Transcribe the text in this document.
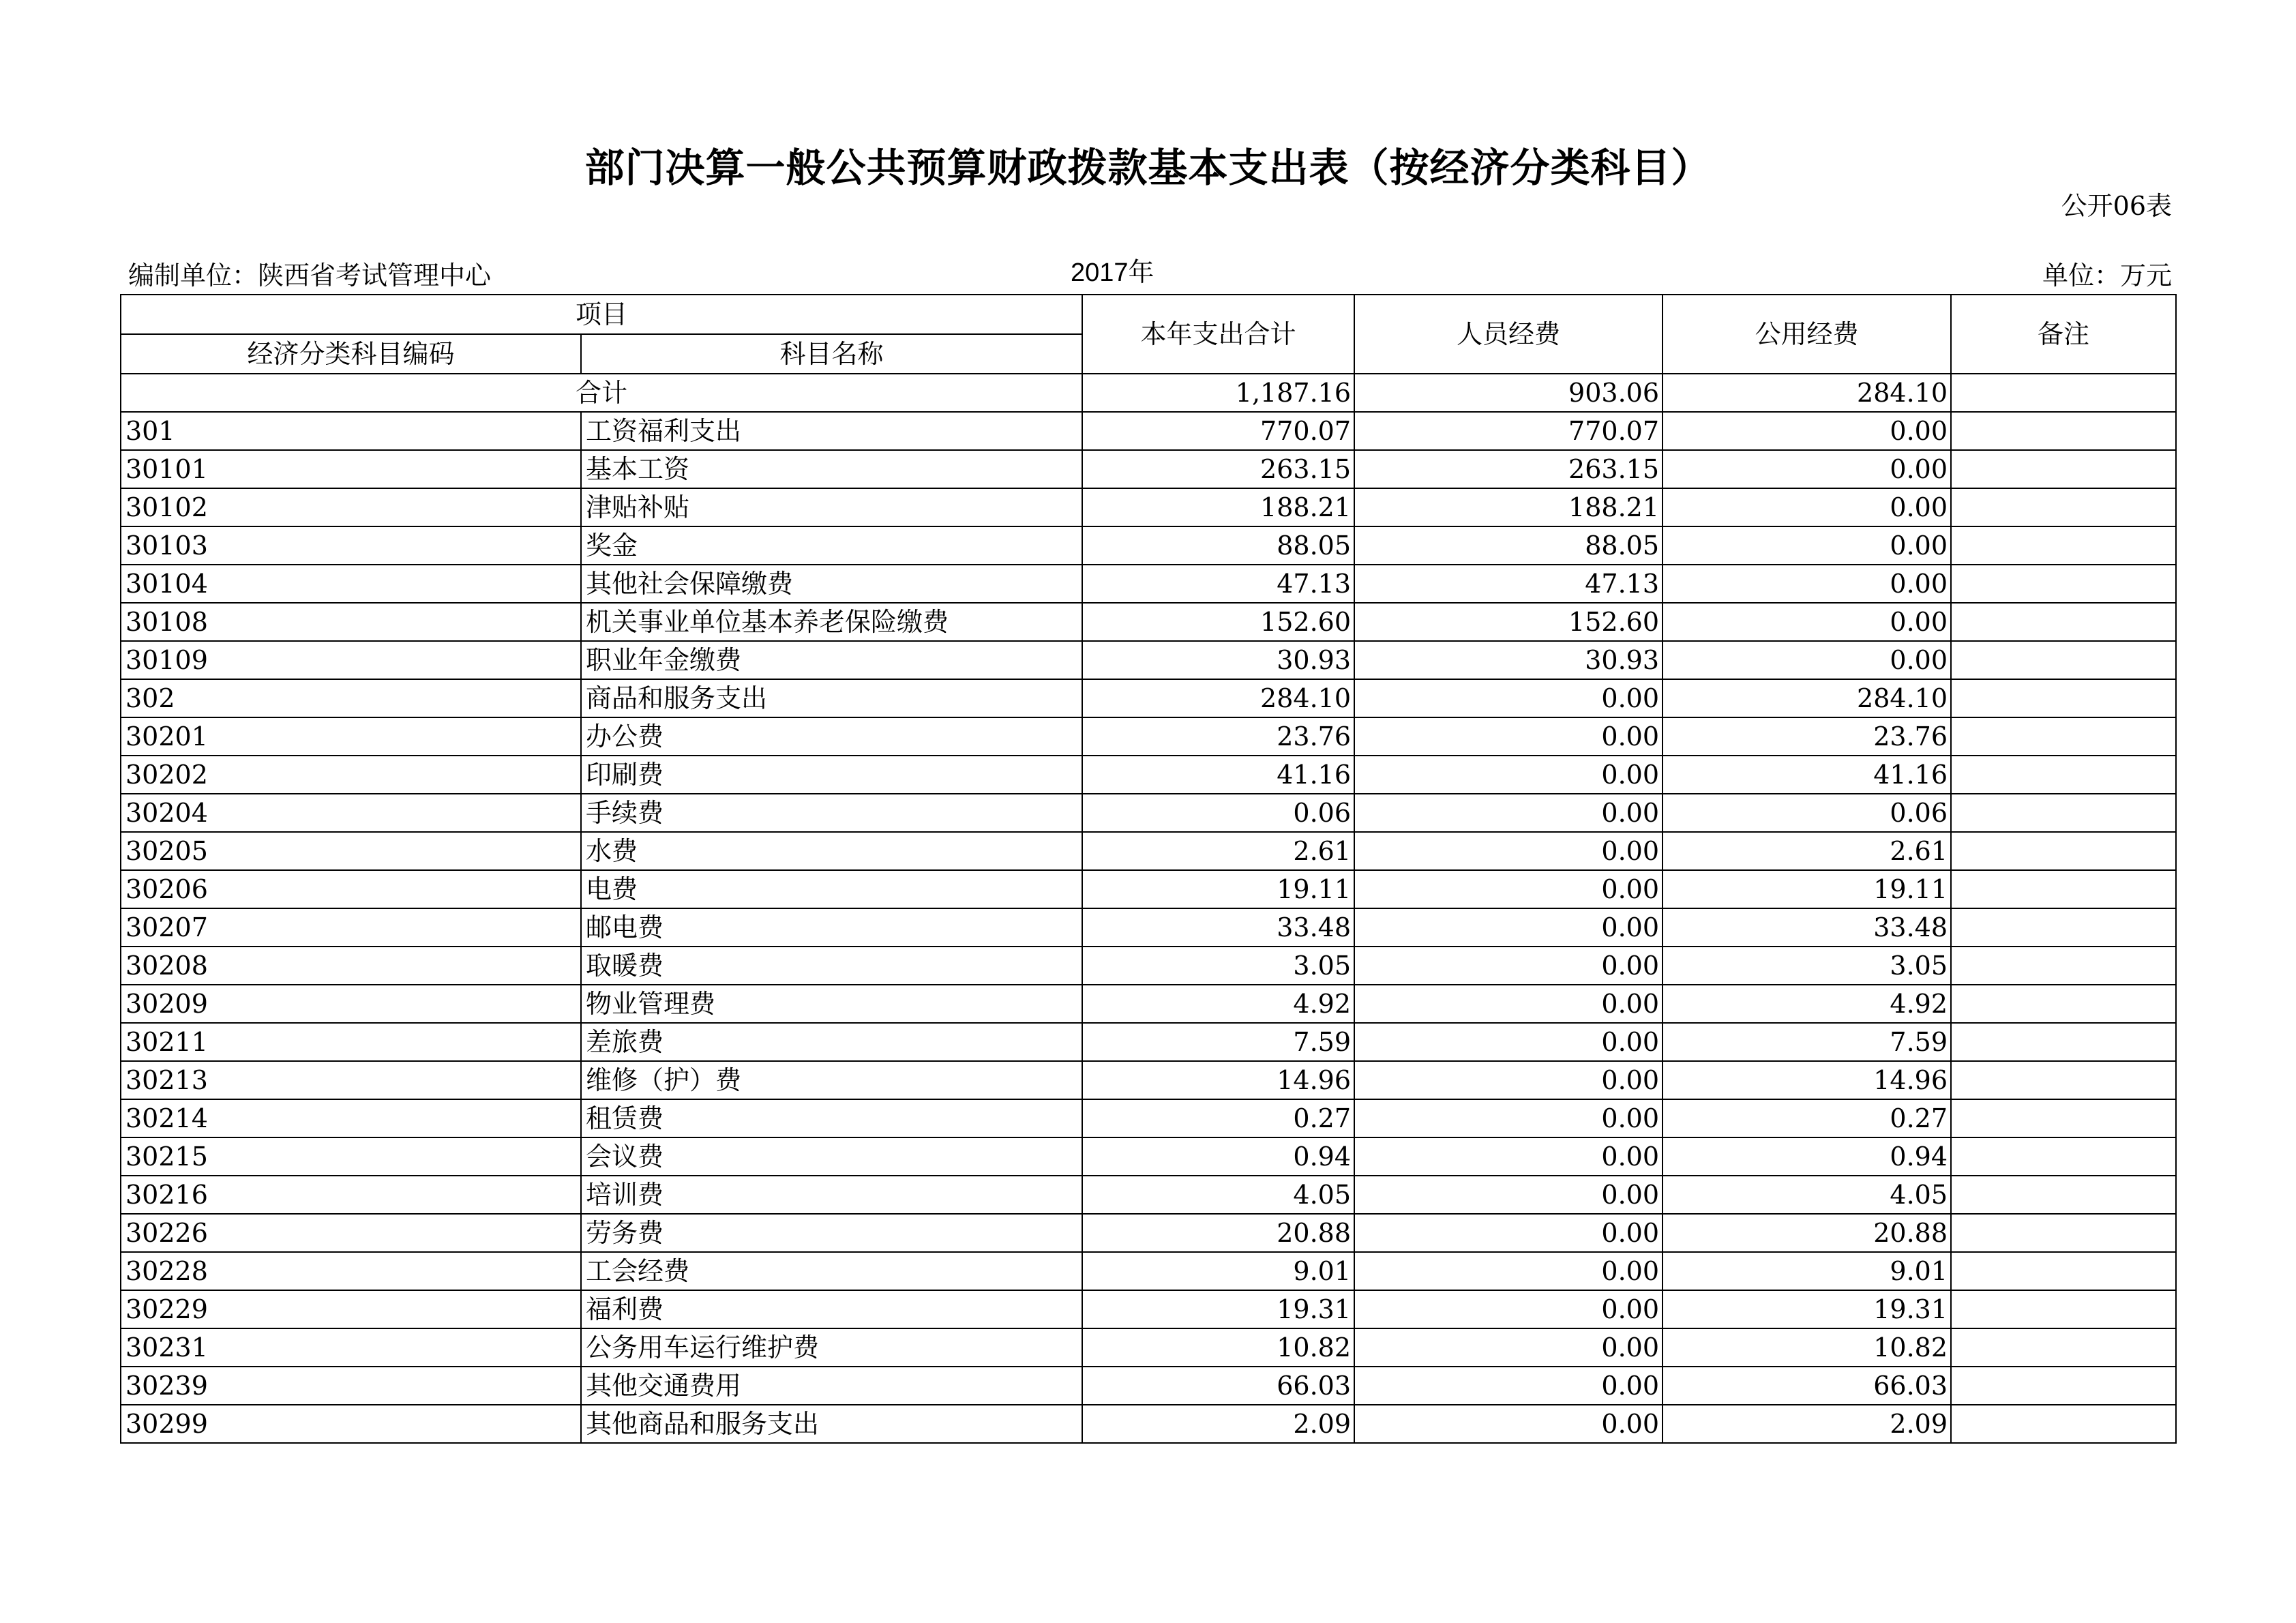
部门决算一般公共预算财政拨款基本支出表（按经济分类科目）
公开06表
编制单位：陕西省考试管理中心	2017年	单位：万元
项目		本年支出合计	人员经费	公用经费	备注
经济分类科目编码	科目名称				
合计		1,187.16	903.06	284.10	
301	工资福利支出	770.07	770.07	0.00	
30101	基本工资	263.15	263.15	0.00	
30102	津贴补贴	188.21	188.21	0.00	
30103	奖金	88.05	88.05	0.00	
30104	其他社会保障缴费	47.13	47.13	0.00	
30108	机关事业单位基本养老保险缴费	152.60	152.60	0.00	
30109	职业年金缴费	30.93	30.93	0.00	
302	商品和服务支出	284.10	0.00	284.10	
30201	办公费	23.76	0.00	23.76	
30202	印刷费	41.16	0.00	41.16	
30204	手续费	0.06	0.00	0.06	
30205	水费	2.61	0.00	2.61	
30206	电费	19.11	0.00	19.11	
30207	邮电费	33.48	0.00	33.48	
30208	取暖费	3.05	0.00	3.05	
30209	物业管理费	4.92	0.00	4.92	
30211	差旅费	7.59	0.00	7.59	
30213	维修（护）费	14.96	0.00	14.96	
30214	租赁费	0.27	0.00	0.27	
30215	会议费	0.94	0.00	0.94	
30216	培训费	4.05	0.00	4.05	
30226	劳务费	20.88	0.00	20.88	
30228	工会经费	9.01	0.00	9.01	
30229	福利费	19.31	0.00	19.31	
30231	公务用车运行维护费	10.82	0.00	10.82	
30239	其他交通费用	66.03	0.00	66.03	
30299	其他商品和服务支出	2.09	0.00	2.09	
